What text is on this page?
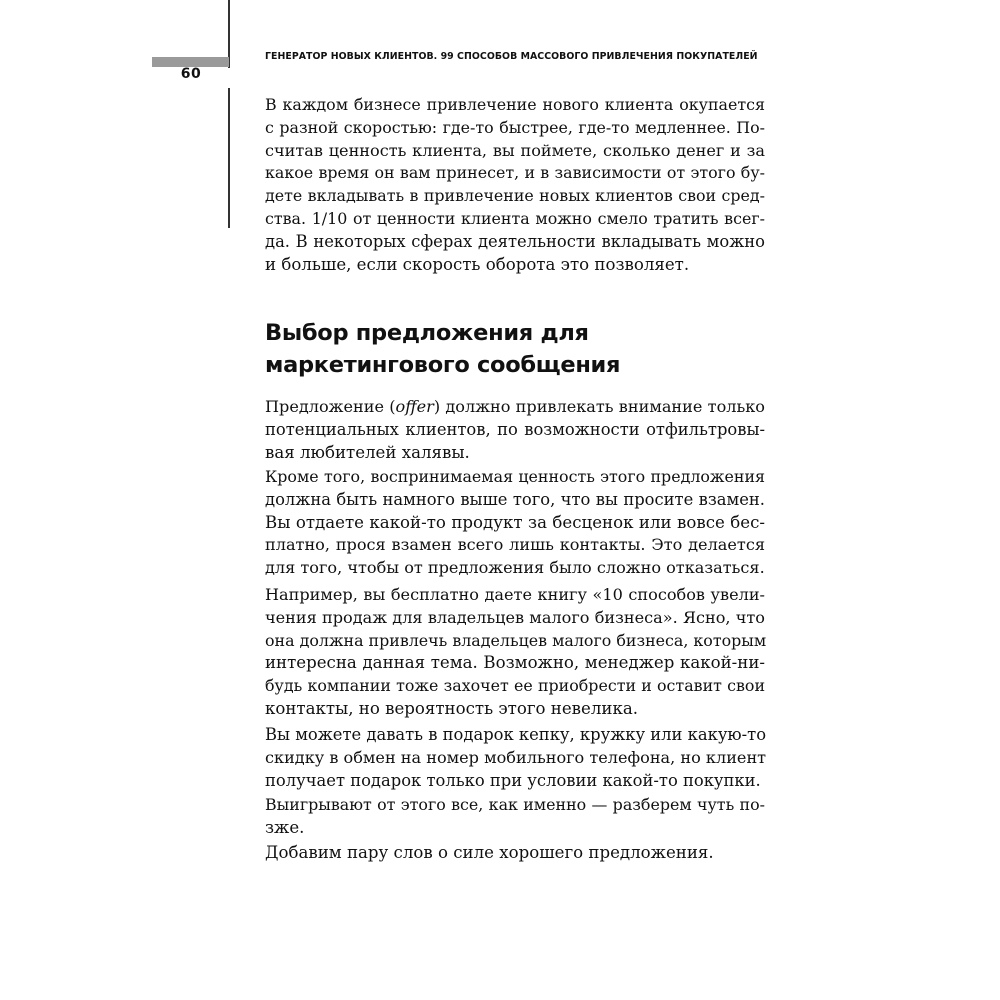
60
ГЕНЕРАТОР НОВЫХ КЛИЕНТОВ. 99 СПОСОБОВ МАССОВОГО ПРИВЛЕЧЕНИЯ ПОКУПАТЕЛЕЙ
В каждом бизнесе привлечение нового клиента окупается
с разной скоростью: где-то быстрее, где-то медленнее. По-
считав ценность клиента, вы поймете, сколько денег и за
какое время он вам принесет, и в зависимости от этого бу-
дете вкладывать в привлечение новых клиентов свои сред-
ства. 1/10 от ценности клиента можно смело тратить всег-
да. В некоторых сферах деятельности вкладывать можно
и больше, если скорость оборота это позволяет.
Выбор предложения для
маркетингового сообщения
Предложение (offer) должно привлекать внимание только
потенциальных клиентов, по возможности отфильтровы-
вая любителей халявы.
Кроме того, воспринимаемая ценность этого предложения
должна быть намного выше того, что вы просите взамен.
Вы отдаете какой-то продукт за бесценок или вовсе бес-
платно, прося взамен всего лишь контакты. Это делается
для того, чтобы от предложения было сложно отказаться.
Например, вы бесплатно даете книгу «10 способов увели-
чения продаж для владельцев малого бизнеса». Ясно, что
она должна привлечь владельцев малого бизнеса, которым
интересна данная тема. Возможно, менеджер какой-ни-
будь компании тоже захочет ее приобрести и оставит свои
контакты, но вероятность этого невелика.
Вы можете давать в подарок кепку, кружку или какую-то
скидку в обмен на номер мобильного телефона, но клиент
получает подарок только при условии какой-то покупки.
Выигрывают от этого все, как именно — разберем чуть по-
зже.
Добавим пару слов о силе хорошего предложения.
